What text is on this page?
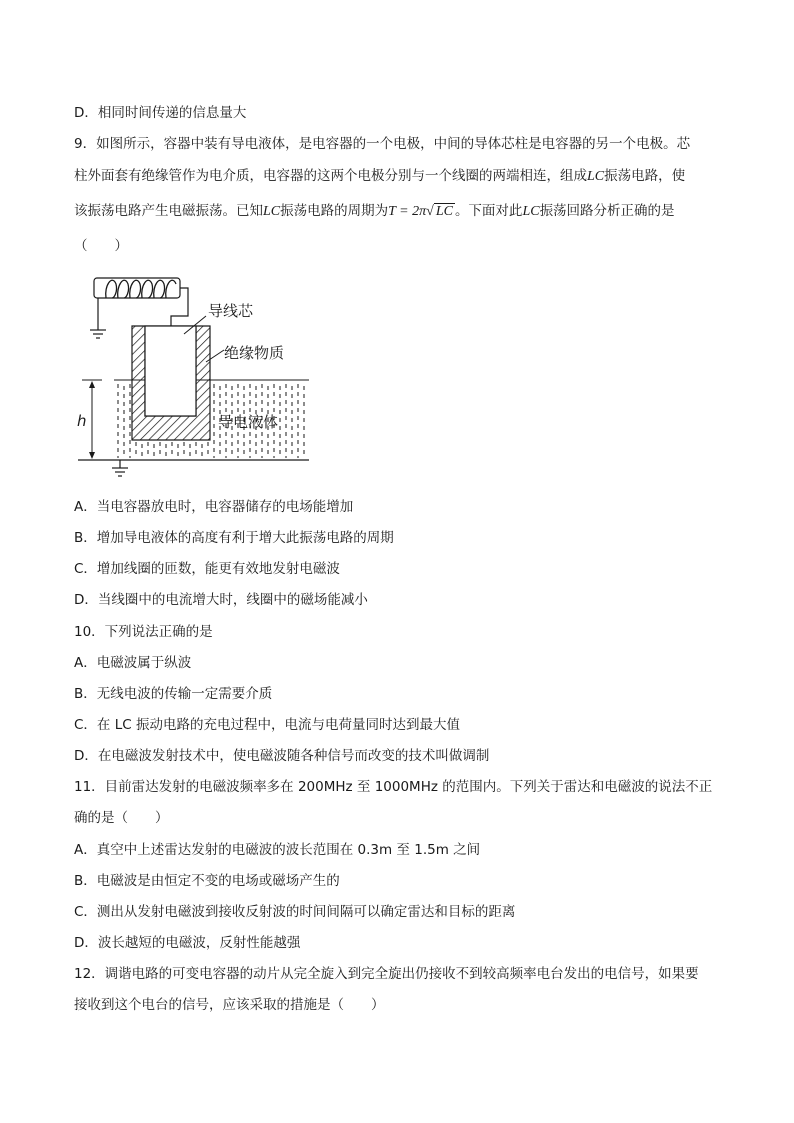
D．相同时间传递的信息量大
9．如图所示，容器中装有导电液体，是电容器的一个电极，中间的导体芯柱是电容器的另一个电极。芯
柱外面套有绝缘管作为电介质，电容器的这两个电极分别与一个线圈的两端相连，组成LC振荡电路，使
该振荡电路产生电磁振荡。已知LC振荡电路的周期为T = 2π√ LC 。下面对此LC振荡回路分析正确的是
（　　）
h
导线芯
绝缘物质
导电液体
A．当电容器放电时，电容器储存的电场能增加
B．增加导电液体的高度有利于增大此振荡电路的周期
C．增加线圈的匝数，能更有效地发射电磁波
D．当线圈中的电流增大时，线圈中的磁场能减小
10．下列说法正确的是
A．电磁波属于纵波
B．无线电波的传输一定需要介质
C．在 LC 振动电路的充电过程中，电流与电荷量同时达到最大值
D．在电磁波发射技术中，使电磁波随各种信号而改变的技术叫做调制
11．目前雷达发射的电磁波频率多在 200MHz 至 1000MHz 的范围内。下列关于雷达和电磁波的说法不正
确的是（　　）
A．真空中上述雷达发射的电磁波的波长范围在 0.3m 至 1.5m 之间
B．电磁波是由恒定不变的电场或磁场产生的
C．测出从发射电磁波到接收反射波的时间间隔可以确定雷达和目标的距离
D．波长越短的电磁波，反射性能越强
12．调谐电路的可变电容器的动片从完全旋入到完全旋出仍接收不到较高频率电台发出的电信号，如果要
接收到这个电台的信号，应该采取的措施是（　　）
